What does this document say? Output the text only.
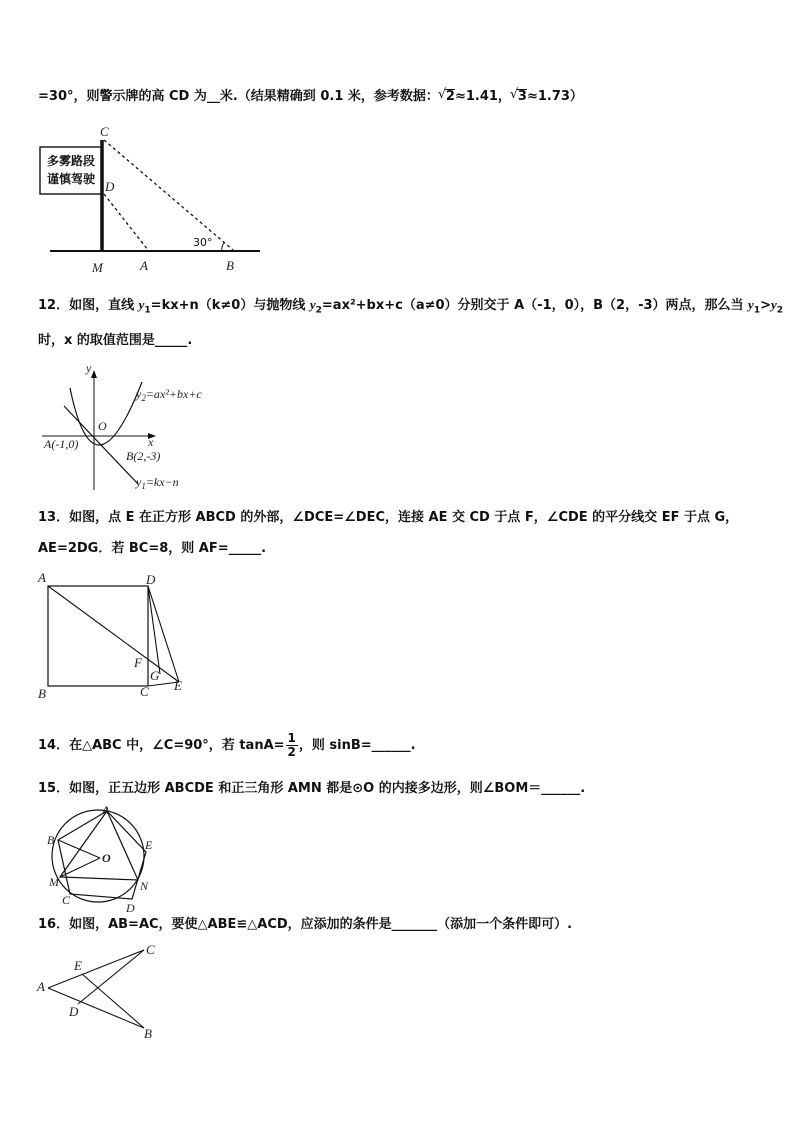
=30°，则警示牌的高 CD 为__米.（结果精确到 0.1 米，参考数据： √ 2≈1.41， √ 3≈1.73）
多雾路段
谨慎驾驶
30°
C
D
M	A	B
12．如图，直线 $y_1=kx+n(k\ne 0)$与抛物线 $y_2=ax^2+bx+c(a\ne 0)$分别交于 A（-1，0），B（2，-3）两点，那么当 $y_1>y_2$
时，x 的取值范围是_____.
y
x
O
A(-1,0)
B(2,-3)
$y_2=ax^2+bx+c$
$y_1=kx-n$
13．如图，点 E 在正方形 ABCD 的外部，∠DCE=∠DEC，连接 AE 交 CD 于点 F，∠CDE 的平分线交 EF 于点 G，
AE=2DG．若 BC=8，则 AF=_____.
A	D
B	C
F
G
E
14．在△ABC 中，∠C=90°，若 $\tan A= \frac{1}{2}$ ，则 sinB=______.
15．如图，正五边形 ABCDE 和正三角形 AMN 都是⊙O 的内接多边形，则∠BOM＝______.
A
B
C
D
E
M	N
O
16．如图，AB=AC，要使△ABE≌△ACD，应添加的条件是_______（添加一个条件即可）.
A
C
E
D
B
